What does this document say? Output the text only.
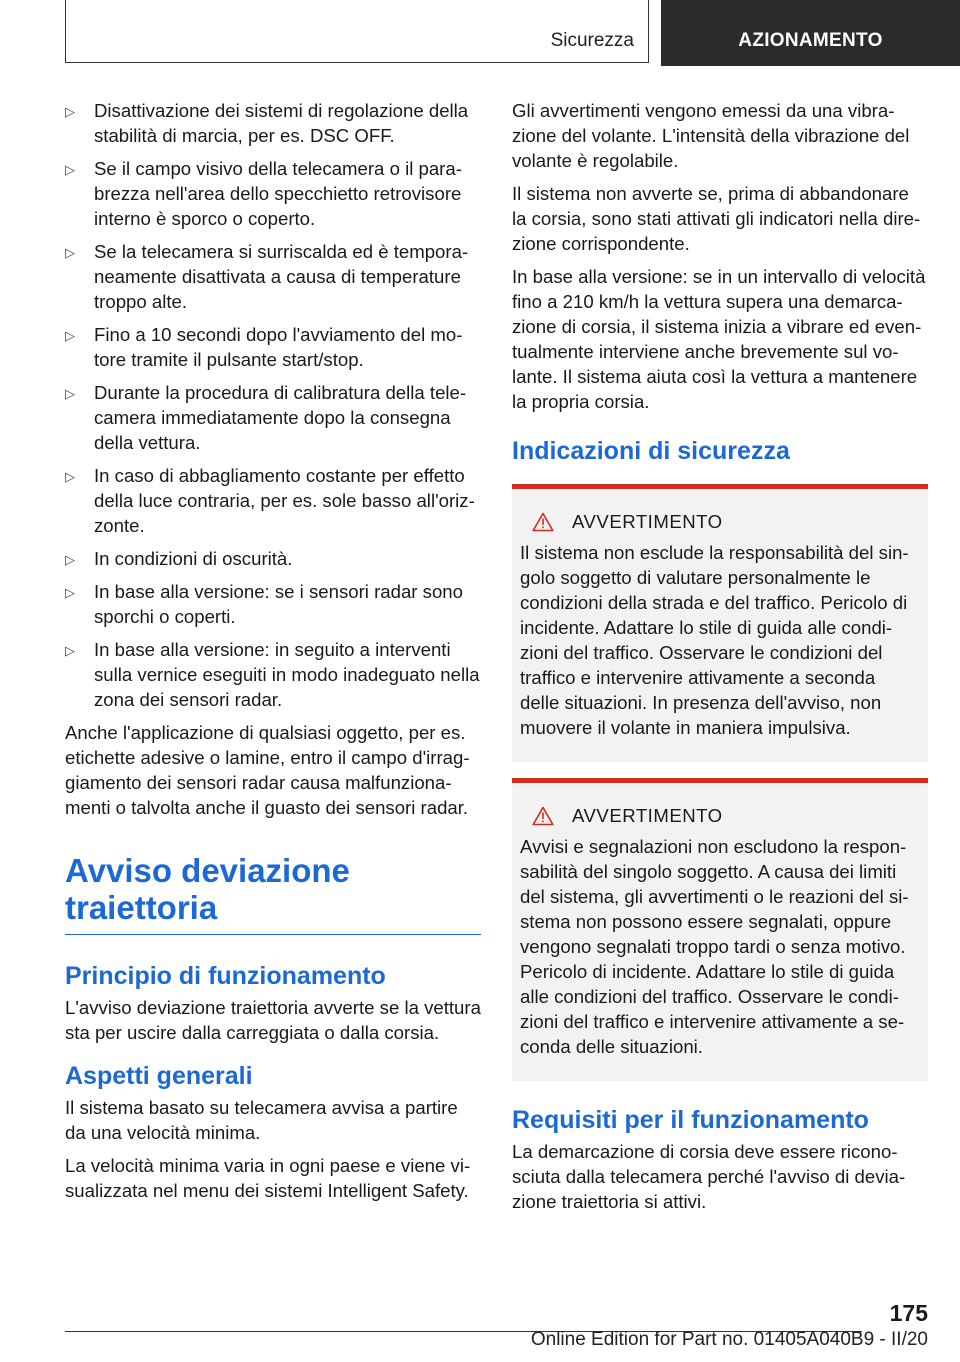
Sicurezza	AZIONAMENTO
▷ Disattivazione dei sistemi di regolazione della stabilità di marcia, per es. DSC OFF.
▷ Se il campo visivo della telecamera o il parabrezza nell'area dello specchietto retrovisore interno è sporco o coperto.
▷ Se la telecamera si surriscalda ed è temporaneamente disattivata a causa di temperature troppo alte.
▷ Fino a 10 secondi dopo l'avviamento del motore tramite il pulsante start/stop.
▷ Durante la procedura di calibratura della telecamera immediatamente dopo la consegna della vettura.
▷ In caso di abbagliamento costante per effetto della luce contraria, per es. sole basso all'orizzonte.
▷ In condizioni di oscurità.
▷ In base alla versione: se i sensori radar sono sporchi o coperti.
▷ In base alla versione: in seguito a interventi sulla vernice eseguiti in modo inadeguato nella zona dei sensori radar.

Anche l'applicazione di qualsiasi oggetto, per es. etichette adesive o lamine, entro il campo d'irraggiamento dei sensori radar causa malfunzionamenti o talvolta anche il guasto dei sensori radar.

Avviso deviazione traiettoria
Principio di funzionamento

L'avviso deviazione traiettoria avverte se la vettura sta per uscire dalla carreggiata o dalla corsia.

Aspetti generali

Il sistema basato su telecamera avvisa a partire da una velocità minima.

La velocità minima varia in ogni paese e viene visualizzata nel menu dei sistemi Intelligent Safety.

Gli avvertimenti vengono emessi da una vibrazione del volante. L'intensità della vibrazione del volante è regolabile.

Il sistema non avverte se, prima di abbandonare la corsia, sono stati attivati gli indicatori nella direzione corrispondente.

In base alla versione: se in un intervallo di velocità fino a 210 km/h la vettura supera una demarcazione di corsia, il sistema inizia a vibrare ed eventualmente interviene anche brevemente sul volante. Il sistema aiuta così la vettura a mantenere la propria corsia.

Indicazioni di sicurezza
AVVERTIMENTO

Il sistema non esclude la responsabilità del singolo soggetto di valutare personalmente le condizioni della strada e del traffico. Pericolo di incidente. Adattare lo stile di guida alle condizioni del traffico. Osservare le condizioni del traffico e intervenire attivamente a seconda delle situazioni. In presenza dell'avviso, non muovere il volante in maniera impulsiva.

AVVERTIMENTO

Avvisi e segnalazioni non escludono la responsabilità del singolo soggetto. A causa dei limiti del sistema, gli avvertimenti o le reazioni del sistema non possono essere segnalati, oppure vengono segnalati troppo tardi o senza motivo. Pericolo di incidente. Adattare lo stile di guida alle condizioni del traffico. Osservare le condizioni del traffico e intervenire attivamente a seconda delle situazioni.

Requisiti per il funzionamento

La demarcazione di corsia deve essere riconosciuta dalla telecamera perché l'avviso di deviazione traiettoria si attivi.

175
Online Edition for Part no. 01405A040B9 - II/20
